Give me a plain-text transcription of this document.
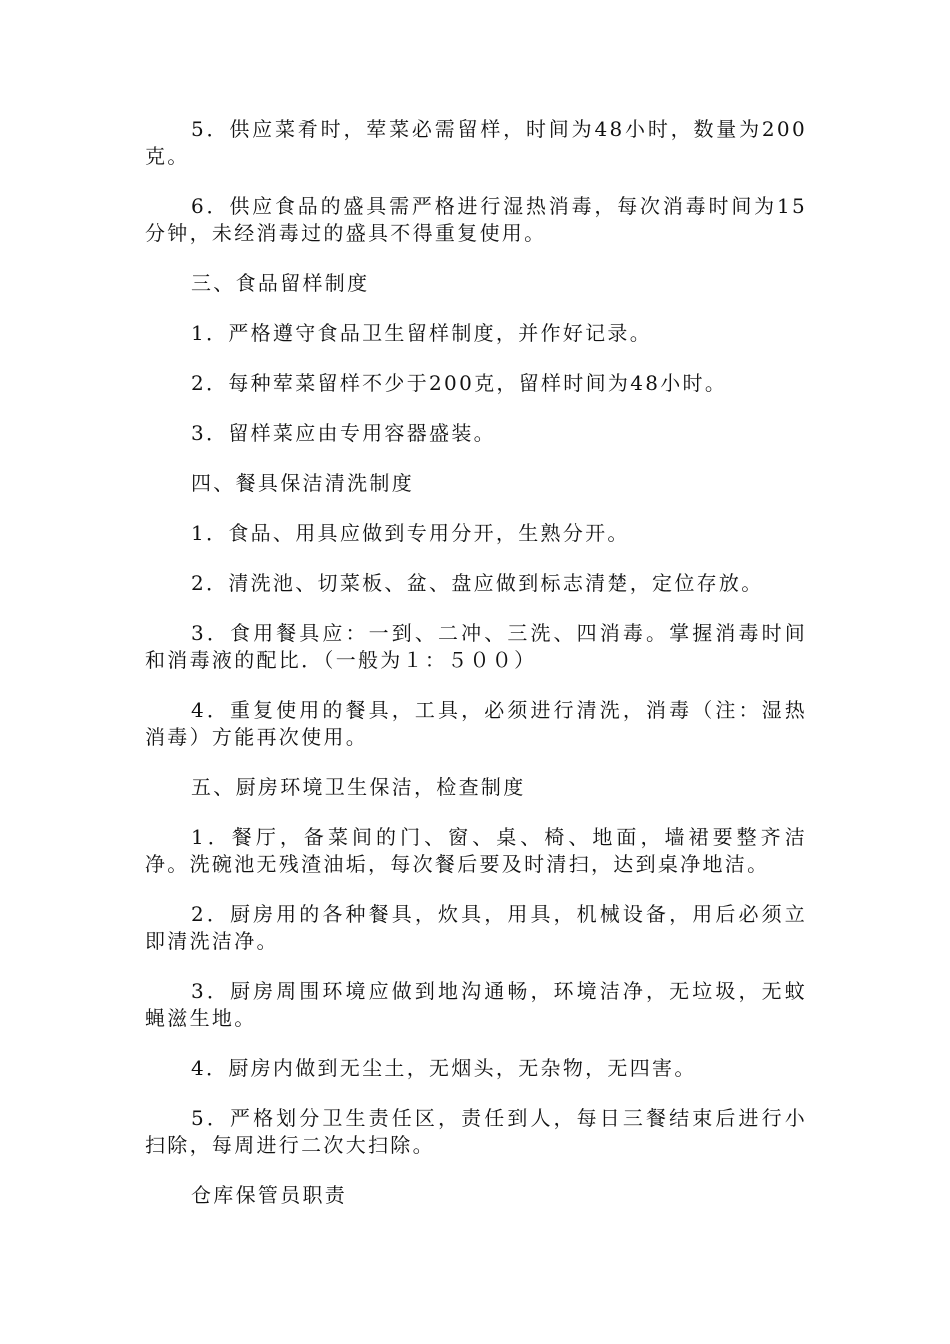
5．供应菜肴时，荤菜必需留样，时间为48小时，数量为200克。

6．供应食品的盛具需严格进行湿热消毒，每次消毒时间为15分钟，未经消毒过的盛具不得重复使用。

三、食品留样制度

1．严格遵守食品卫生留样制度，并作好记录。

2．每种荤菜留样不少于200克，留样时间为48小时。

3．留样菜应由专用容器盛装。

四、餐具保洁清洗制度

1．食品、用具应做到专用分开，生熟分开。

2．清洗池、切菜板、盆、盘应做到标志清楚，定位存放。

3．食用餐具应：一到、二冲、三洗、四消毒。掌握消毒时间和消毒液的配比．（一般为１：５００）

4．重复使用的餐具，工具，必须进行清洗，消毒（注：湿热消毒）方能再次使用。

五、厨房环境卫生保洁，检查制度

1．餐厅，备菜间的门、窗、桌、椅、地面，墙裙要整齐洁净。洗碗池无残渣油垢，每次餐后要及时清扫，达到桌净地洁。

2．厨房用的各种餐具，炊具，用具，机械设备，用后必须立即清洗洁净。

3．厨房周围环境应做到地沟通畅，环境洁净，无垃圾，无蚊蝇滋生地。

4．厨房内做到无尘土，无烟头，无杂物，无四害。

5．严格划分卫生责任区，责任到人，每日三餐结束后进行小扫除，每周进行二次大扫除。

仓库保管员职责
